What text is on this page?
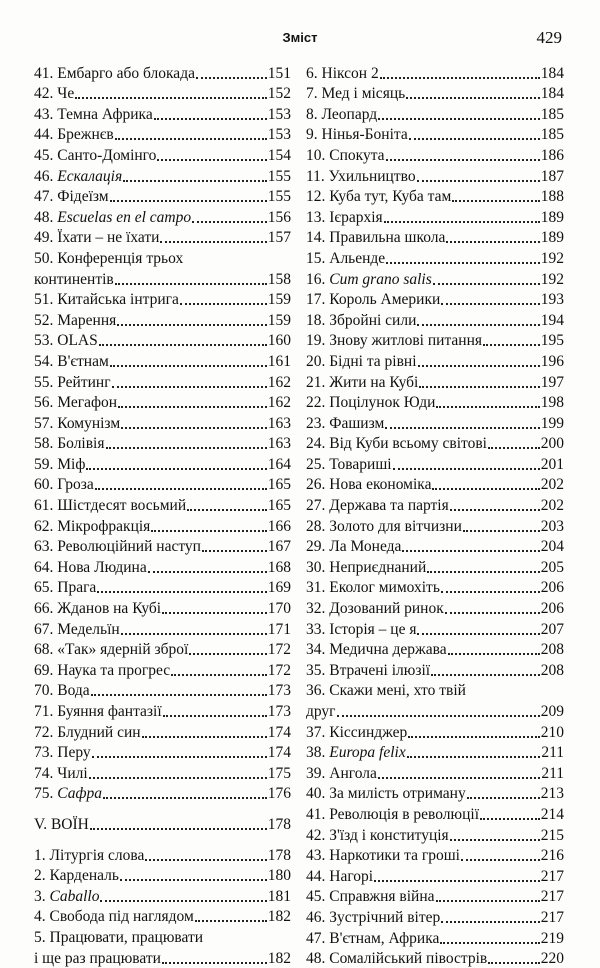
Зміст	429
41. Ембарго або блокада	151
42. Че	152
43. Темна Африка	153
44. Брежнєв	153
45. Санто-Домінго	154
46. Ескалація	155
47. Фідеїзм	155
48. Escuelas en el campo	156
49. Їхати – не їхати	157
50. Конференція трьох
континентів	158
51. Китайська інтрига	159
52. Марення	159
53. OLAS	160
54. В'єтнам	161
55. Рейтинг	162
56. Мегафон	162
57. Комунізм	163
58. Болівія	163
59. Міф	164
60. Гроза	165
61. Шістдесят восьмий	165
62. Мікрофракція	166
63. Революційний наступ	167
64. Нова Людина	168
65. Прага	169
66. Жданов на Кубі	170
67. Медельїн	171
68. «Так» ядерній зброї	172
69. Наука та прогрес	172
70. Вода	173
71. Буяння фантазії	173
72. Блудний син	174
73. Перу	174
74. Чилі	175
75. Сафра	176
V. ВОЇН	178
1. Літургія слова	178
2. Карденаль	180
3. Caballo	181
4. Свобода під наглядом	182
5. Працювати, працювати
і ще раз працювати	182
6. Ніксон 2	184
7. Мед і місяць	184
8. Леопард	185
9. Нінья-Боніта	185
10. Спокута	186
11. Ухильництво	187
12. Куба тут, Куба там	188
13. Ієрархія	189
14. Правильна школа	189
15. Альенде	192
16. Cum grano salis	192
17. Король Америки	193
18. Збройні сили	194
19. Знову житлові питання	195
20. Бідні та рівні	196
21. Жити на Кубі	197
22. Поцілунок Юди	198
23. Фашизм	199
24. Від Куби всьому світові	200
25. Товариші	201
26. Нова економіка	202
27. Держава та партія	202
28. Золото для вітчизни	203
29. Ла Монеда	204
30. Неприєднаний	205
31. Еколог мимохіть	206
32. Дозований ринок	206
33. Історія – це я	207
34. Медична держава	208
35. Втрачені ілюзії	208
36. Скажи мені, хто твій
друг	209
37. Кіссинджер	210
38. Europa felix	211
39. Ангола	211
40. За милість отриману	213
41. Революція в революції	214
42. З'їзд і конституція	215
43. Наркотики та гроші	216
44. Нагорі	217
45. Справжня війна	217
46. Зустрічний вітер	217
47. В'єтнам, Африка	219
48. Сомалійський півострів	220
